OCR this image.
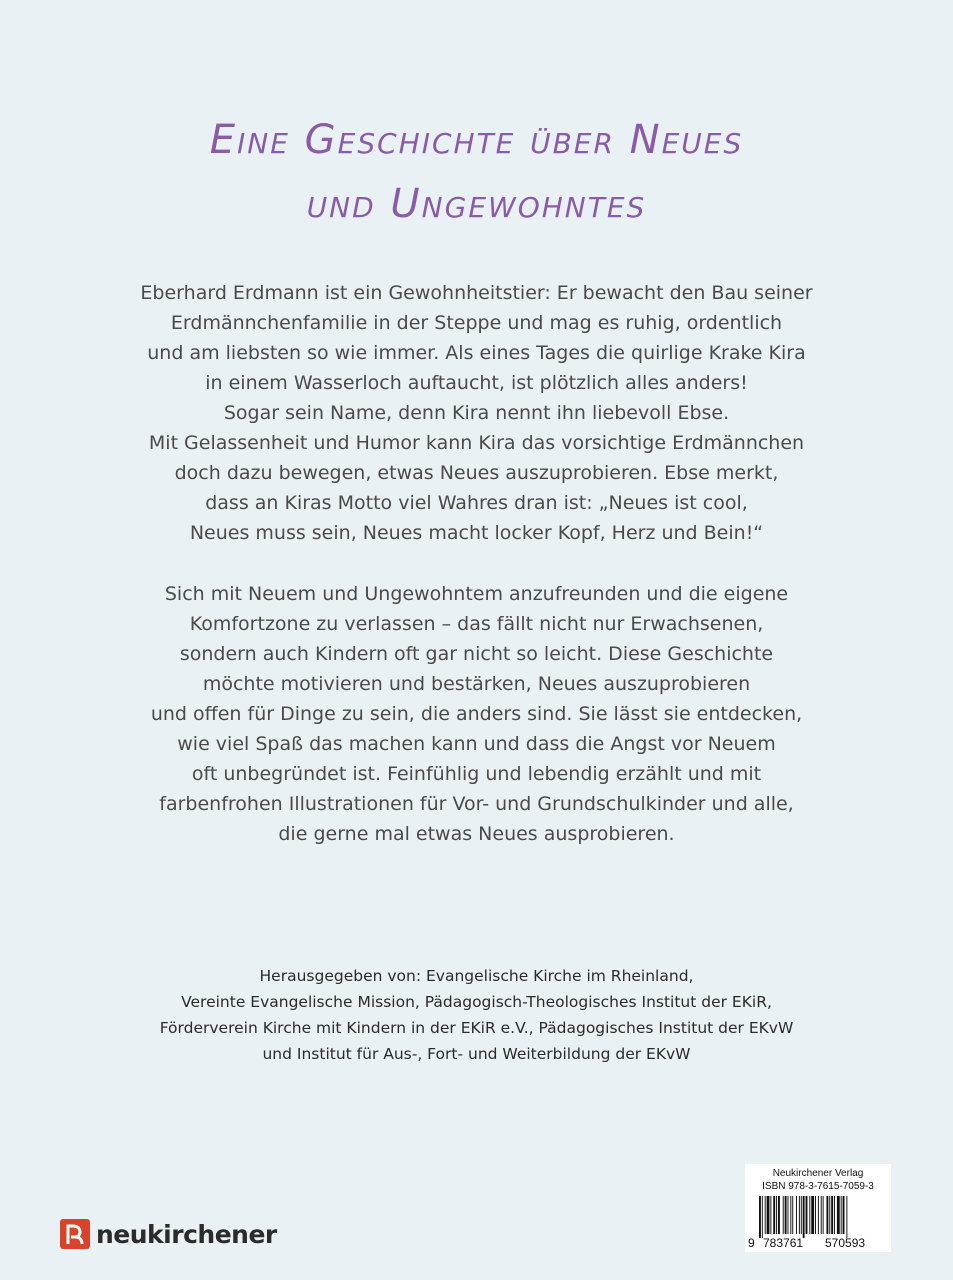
Eine Geschichte über Neues
und Ungewohntes
Eberhard Erdmann ist ein Gewohnheitstier: Er bewacht den Bau seiner
Erdmännchenfamilie in der Steppe und mag es ruhig, ordentlich
und am liebsten so wie immer. Als eines Tages die quirlige Krake Kira
in einem Wasserloch auftaucht, ist plötzlich alles anders!
Sogar sein Name, denn Kira nennt ihn liebevoll Ebse.
Mit Gelassenheit und Humor kann Kira das vorsichtige Erdmännchen
doch dazu bewegen, etwas Neues auszuprobieren. Ebse merkt,
dass an Kiras Motto viel Wahres dran ist: „Neues ist cool,
Neues muss sein, Neues macht locker Kopf, Herz und Bein!“
Sich mit Neuem und Ungewohntem anzufreunden und die eigene
Komfortzone zu verlassen – das fällt nicht nur Erwachsenen,
sondern auch Kindern oft gar nicht so leicht. Diese Geschichte
möchte motivieren und bestärken, Neues auszuprobieren
und offen für Dinge zu sein, die anders sind. Sie lässt sie entdecken,
wie viel Spaß das machen kann und dass die Angst vor Neuem
oft unbegründet ist. Feinfühlig und lebendig erzählt und mit
farbenfrohen Illustrationen für Vor- und Grundschulkinder und alle,
die gerne mal etwas Neues ausprobieren.
Herausgegeben von: Evangelische Kirche im Rheinland,
Vereinte Evangelische Mission, Pädagogisch-Theologisches Institut der EKiR,
Förderverein Kirche mit Kindern in der EKiR e.V., Pädagogisches Institut der EKvW
und Institut für Aus-, Fort- und Weiterbildung der EKvW
neukirchener
Neukirchener Verlag
ISBN 978-3-7615-7059-3
9 783761 570593
